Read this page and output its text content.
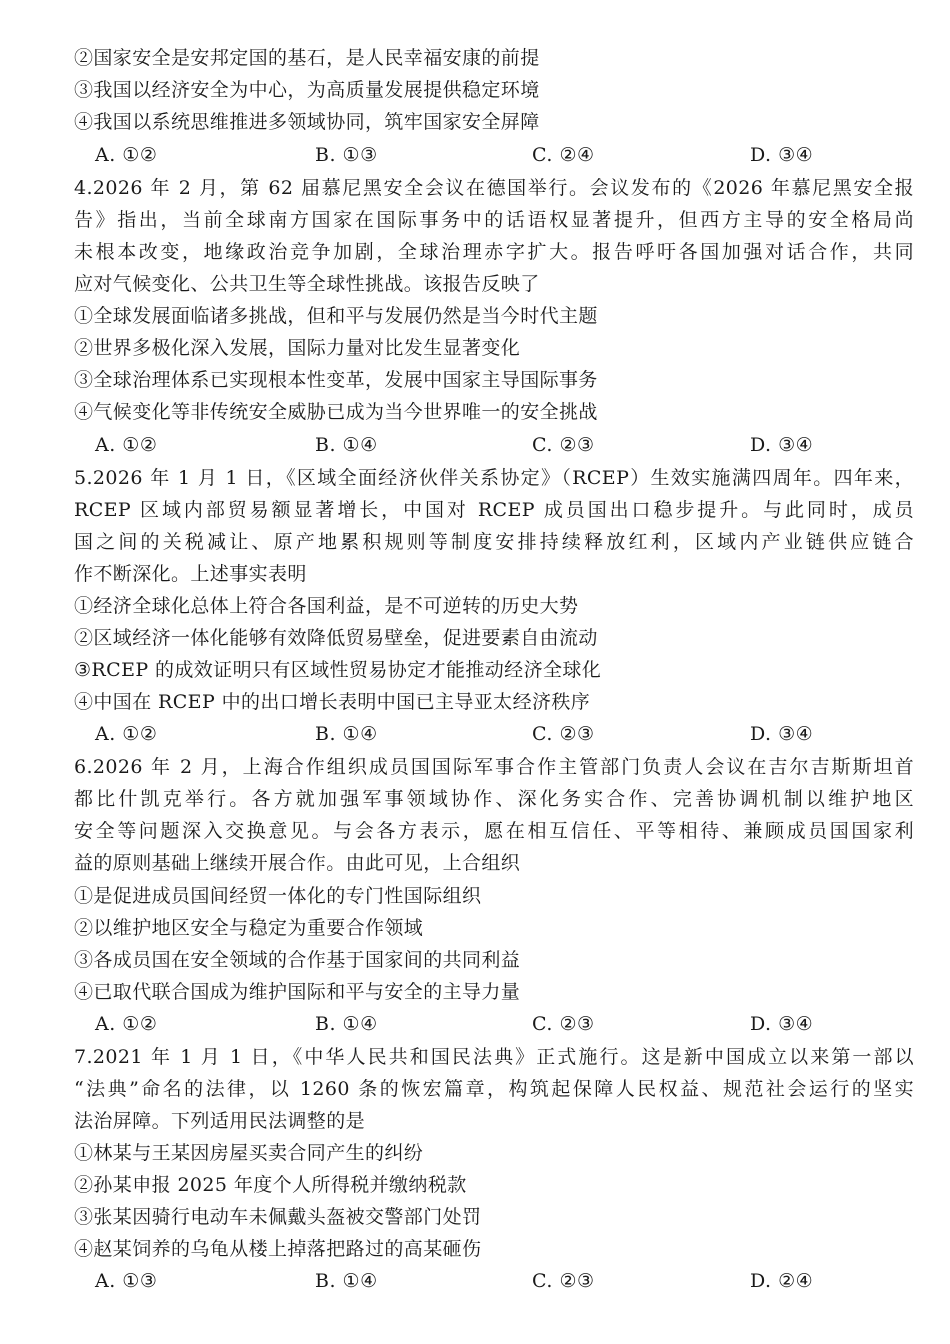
②国家安全是安邦定国的基石，是人民幸福安康的前提
③我国以经济安全为中心，为高质量发展提供稳定环境
④我国以系统思维推进多领域协同，筑牢国家安全屏障
A. ①②	B. ①③	C. ②④	D. ③④
4.2026 年 2 月，第 62 届慕尼黑安全会议在德国举行。会议发布的《2026 年慕尼黑安全报
告》指出，当前全球南方国家在国际事务中的话语权显著提升，但西方主导的安全格局尚
未根本改变，地缘政治竞争加剧，全球治理赤字扩大。报告呼吁各国加强对话合作，共同
应对气候变化、公共卫生等全球性挑战。该报告反映了
①全球发展面临诸多挑战，但和平与发展仍然是当今时代主题
②世界多极化深入发展，国际力量对比发生显著变化
③全球治理体系已实现根本性变革，发展中国家主导国际事务
④气候变化等非传统安全威胁已成为当今世界唯一的安全挑战
A. ①②	B. ①④	C. ②③	D. ③④
5.2026 年 1 月 1 日，《区域全面经济伙伴关系协定》（RCEP）生效实施满四周年。四年来，
RCEP 区域内部贸易额显著增长，中国对 RCEP 成员国出口稳步提升。与此同时，成员
国之间的关税减让、原产地累积规则等制度安排持续释放红利，区域内产业链供应链合
作不断深化。上述事实表明
①经济全球化总体上符合各国利益，是不可逆转的历史大势
②区域经济一体化能够有效降低贸易壁垒，促进要素自由流动
③RCEP 的成效证明只有区域性贸易协定才能推动经济全球化
④中国在 RCEP 中的出口增长表明中国已主导亚太经济秩序
A. ①②	B. ①④	C. ②③	D. ③④
6.2026 年 2 月，上海合作组织成员国国际军事合作主管部门负责人会议在吉尔吉斯斯坦首
都比什凯克举行。各方就加强军事领域协作、深化务实合作、完善协调机制以维护地区
安全等问题深入交换意见。与会各方表示，愿在相互信任、平等相待、兼顾成员国国家利
益的原则基础上继续开展合作。由此可见，上合组织
①是促进成员国间经贸一体化的专门性国际组织
②以维护地区安全与稳定为重要合作领域
③各成员国在安全领域的合作基于国家间的共同利益
④已取代联合国成为维护国际和平与安全的主导力量
A. ①②	B. ①④	C. ②③	D. ③④
7.2021 年 1 月 1 日，《中华人民共和国民法典》正式施行。这是新中国成立以来第一部以
“法典”命名的法律，以 1260 条的恢宏篇章，构筑起保障人民权益、规范社会运行的坚实
法治屏障。下列适用民法调整的是
①林某与王某因房屋买卖合同产生的纠纷
②孙某申报 2025 年度个人所得税并缴纳税款
③张某因骑行电动车未佩戴头盔被交警部门处罚
④赵某饲养的乌龟从楼上掉落把路过的高某砸伤
A. ①③	B. ①④	C. ②③	D. ②④
